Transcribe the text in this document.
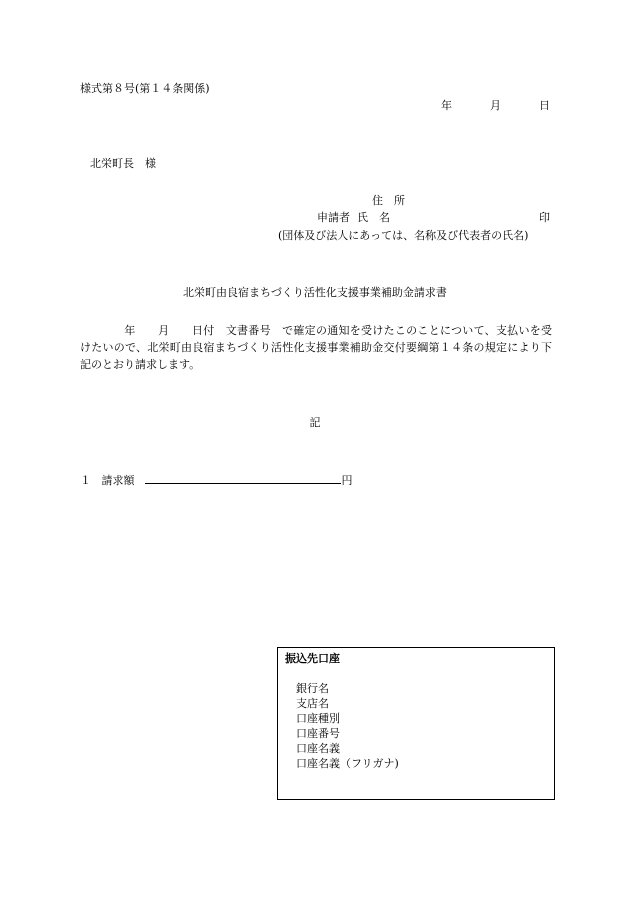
様式第８号(第１４条関係)
年	月	日
北栄町長　様
住　所
申請者 氏　名	印
(団体及び法人にあっては、名称及び代表者の氏名)
北栄町由良宿まちづくり活性化支援事業補助金請求書
年　　月　　日付　文書番号　で確定の通知を受けたこのことについて、支払いを受けたいので、北栄町由良宿まちづくり活性化支援事業補助金交付要綱第１４条の規定により下記のとおり請求します。
記
１ 請求額	円
振込先口座
銀行名
支店名
口座種別
口座番号
口座名義
口座名義（フリガナ)
